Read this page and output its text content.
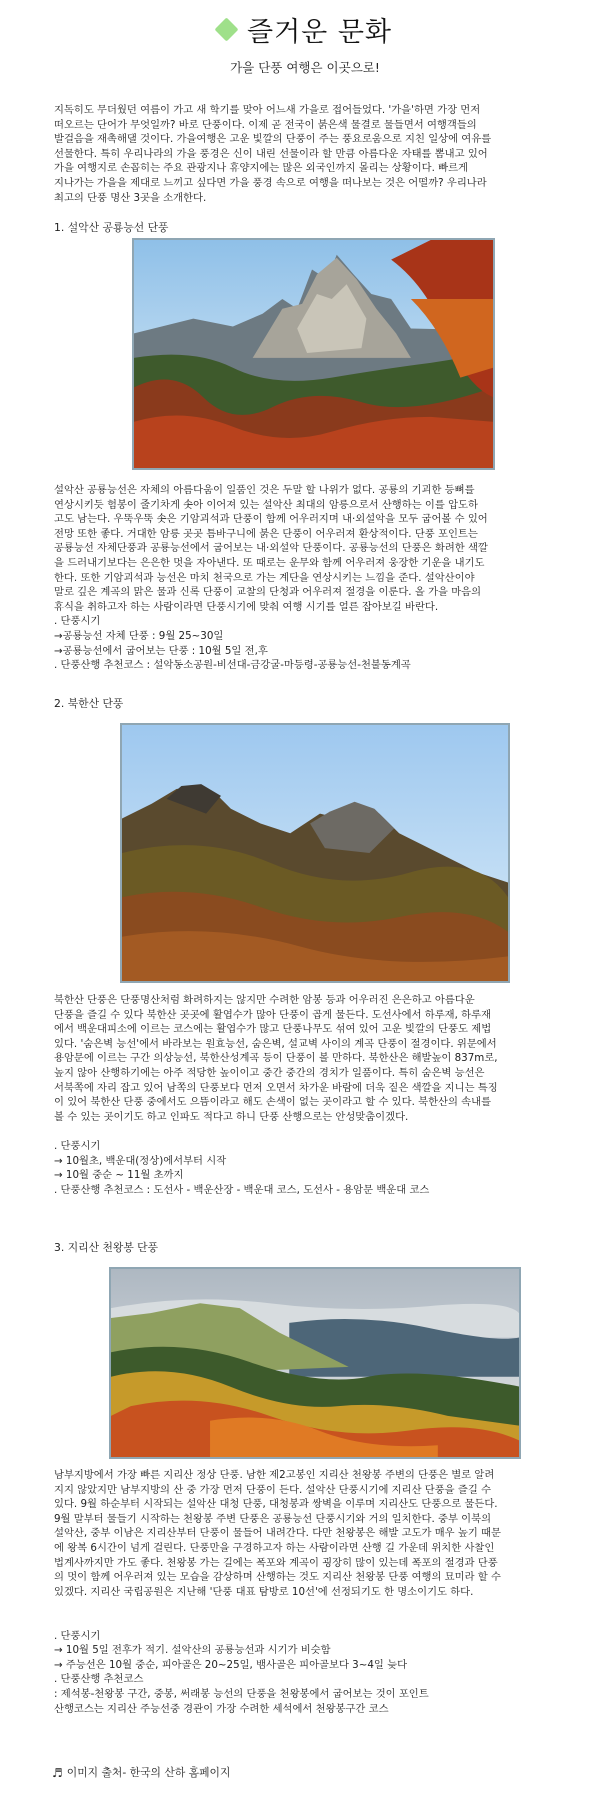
즐거운 문화
가을 단풍 여행은 이곳으로!

지독히도 무더웠던 여름이 가고 새 학기를 맞아 어느새 가을로 접어들었다. '가을'하면 가장 먼저
떠오르는 단어가 무엇일까? 바로 단풍이다. 이제 곧 전국이 붉은색 물결로 물들면서 여행객들의
발걸음을 재촉해댈 것이다. 가을여행은 고운 빛깔의 단풍이 주는 풍요로움으로 지친 일상에 여유를
선물한다. 특히 우리나라의 가을 풍경은 신이 내린 선물이라 할 만큼 아름다운 자태를 뽐내고 있어
가을 여행지로 손꼽히는 주요 관광지나 휴양지에는 많은 외국인까지 몰리는 상황이다. 빠르게
지나가는 가을을 제대로 느끼고 싶다면 가을 풍경 속으로 여행을 떠나보는 것은 어떨까? 우리나라
최고의 단풍 명산 3곳을 소개한다.

1. 설악산 공룡능선 단풍

설악산 공룡능선은 자체의 아름다움이 일품인 것은 두말 할 나위가 없다. 공룡의 기괴한 등뼈를
연상시키듯 험봉이 줄기차게 솟아 이어져 있는 설악산 최대의 암릉으로서 산행하는 이를 압도하
고도 남는다. 우뚝우뚝 솟은 기암괴석과 단풍이 함께 어우러지며 내·외설악을 모두 굽어볼 수 있어
전망 또한 좋다. 거대한 암릉 곳곳 틈바구니에 붉은 단풍이 어우러져 환상적이다. 단풍 포인트는
공룡능선 자체단풍과 공룡능선에서 굽어보는 내·외설악 단풍이다. 공룡능선의 단풍은 화려한 색깔
을 드러내기보다는 은은한 멋을 자아낸다. 또 때로는 운무와 함께 어우러져 웅장한 기운을 내기도
한다. 또한 기암괴석과 능선은 마치 천국으로 가는 계단을 연상시키는 느낌을 준다. 설악산이야
말로 깊은 계곡의 맑은 물과 신록 단풍이 교찰의 단청과 어우러져 절경을 이룬다. 올 가을 마음의
휴식을 취하고자 하는 사람이라면 단풍시기에 맞춰 여행 시기를 얼른 잡아보길 바란다.
. 단풍시기
→공룡능선 자체 단풍 : 9월 25~30일
→공룡능선에서 굽어보는 단풍 : 10월 5일 전,후
. 단풍산행 추천코스 : 설악동소공원-비선대-금강굴-마등령-공룡능선-천불동계곡

2. 북한산 단풍

북한산 단풍은 단풍명산처럼 화려하지는 않지만 수려한 암봉 등과 어우러진 은은하고 아름다운
단풍을 즐길 수 있다 북한산 곳곳에 활엽수가 많아 단풍이 곱게 물든다. 도선사에서 하루재, 하루재
에서 백운대피소에 이르는 코스에는 활엽수가 많고 단풍나무도 섞여 있어 고운 빛깔의 단풍도 제법
있다. '숨은벽 능선'에서 바라보는 원효능선, 숨은벽, 설교벽 사이의 계곡 단풍이 절경이다. 위문에서
용암문에 이르는 구간 의상능선, 북한산성계곡 등이 단풍이 볼 만하다. 북한산은 해발높이 837m로,
높지 않아 산행하기에는 아주 적당한 높이이고 중간 중간의 경치가 일품이다. 특히 숨은벽 능선은
서북쪽에 자리 잡고 있어 남쪽의 단풍보다 먼저 오면서 차가운 바람에 더욱 짙은 색깔을 지니는 특징
이 있어 북한산 단풍 중에서도 으뜸이라고 해도 손색이 없는 곳이라고 할 수 있다. 북한산의 속내를
볼 수 있는 곳이기도 하고 인파도 적다고 하니 단풍 산행으로는 안성맞춤이겠다.

. 단풍시기
→ 10월초, 백운대(정상)에서부터 시작
→ 10월 중순 ~ 11월 초까지
. 단풍산행 추천코스 : 도선사 - 백운산장 - 백운대 코스, 도선사 - 용암문 백운대 코스

3. 지리산 천왕봉 단풍

남부지방에서 가장 빠른 지리산 정상 단풍. 남한 제2고봉인 지리산 천왕봉 주변의 단풍은 별로 알려
지지 않았지만 남부지방의 산 중 가장 먼저 단풍이 든다. 설악산 단풍시기에 지리산 단풍을 즐길 수
있다. 9월 하순부터 시작되는 설악산 대청 단풍, 대청봉과 쌍벽을 이루며 지리산도 단풍으로 물든다.
9월 말부터 물들기 시작하는 천왕봉 주변 단풍은 공룡능선 단풍시기와 거의 일치한다. 중부 이북의
설악산, 중부 이남은 지리산부터 단풍이 물들어 내려간다. 다만 천왕봉은 해발 고도가 매우 높기 때문
에 왕복 6시간이 넘게 걸린다. 단풍만을 구경하고자 하는 사람이라면 산행 길 가운데 위치한 사찰인
법계사까지만 가도 좋다. 천왕봉 가는 길에는 폭포와 계곡이 굉장히 많이 있는데 폭포의 절경과 단풍
의 멋이 함께 어우러져 있는 모습을 감상하며 산행하는 것도 지리산 천왕봉 단풍 여행의 묘미라 할 수
있겠다. 지리산 국립공원은 지난해 '단풍 대표 탐방로 10선'에 선정되기도 한 명소이기도 하다.

. 단풍시기
→ 10월 5일 전후가 적기. 설악산의 공룡능선과 시기가 비슷함
→ 주능선은 10월 중순, 피아골은 20~25일, 뱀사골은 피아골보다 3~4일 늦다
. 단풍산행 추천코스
: 제석봉-천왕봉 구간, 중봉, 써래봉 능선의 단풍을 천왕봉에서 굽어보는 것이 포인트
산행코스는 지리산 주능선중 경관이 가장 수려한 세석에서 천왕봉구간 코스

♬ 이미지 출처- 한국의 산하 홈페이지
